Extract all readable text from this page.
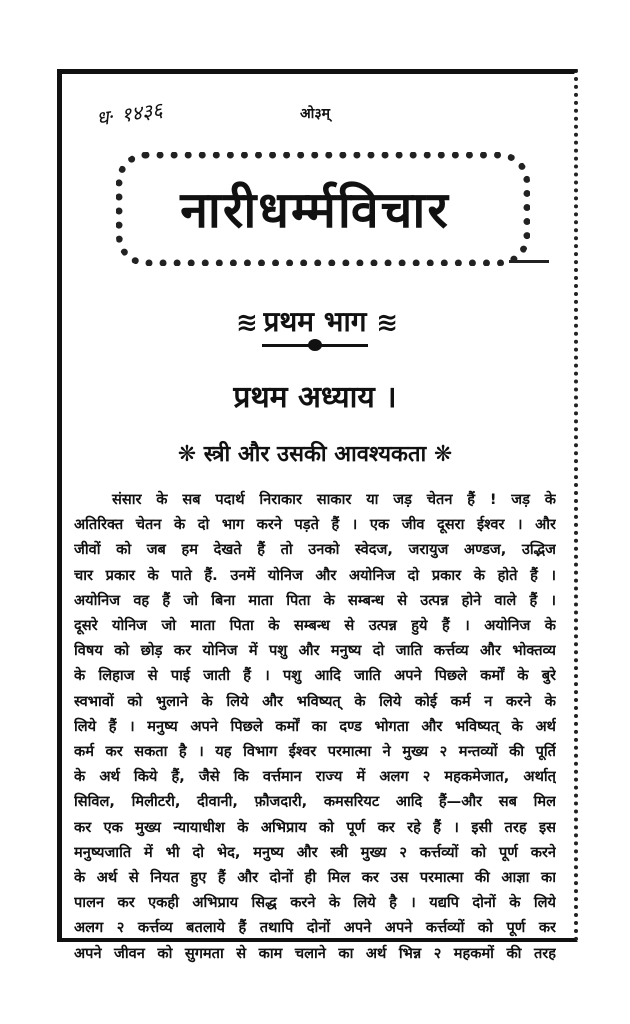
ध· १४३६	ओ३म्
नारीधर्म्मविचार
≋ प्रथम भाग ≋
प्रथम अध्याय ।
❋ स्त्री और उसकी आवश्यकता ❋
संसार के सब पदार्थ निराकार साकार या जड़ चेतन हैं ! जड़ के
अतिरिक्त चेतन के दो भाग करने पड़ते हैं । एक जीव दूसरा ईश्वर । और
जीवों को जब हम देखते हैं तो उनको स्वेदज, जरायुज अण्डज, उद्भिज
चार प्रकार के पाते हैं. उनमें योनिज और अयोनिज दो प्रकार के होते हैं ।
अयोनिज वह हैं जो बिना माता पिता के सम्बन्ध से उत्पन्न होने वाले हैं ।
दूसरे योनिज जो माता पिता के सम्बन्ध से उत्पन्न हुये हैं । अयोनिज के
विषय को छोड़ कर योनिज में पशु और मनुष्य दो जाति कर्त्तव्य और भोक्तव्य
के लिहाज से पाई जाती हैं । पशु आदि जाति अपने पिछले कर्मों के बुरे
स्वभावों को भुलाने के लिये और भविष्यत् के लिये कोई कर्म न करने के
लिये हैं । मनुष्य अपने पिछले कर्मों का दण्ड भोगता और भविष्यत् के अर्थ
कर्म कर सकता है । यह विभाग ईश्वर परमात्मा ने मुख्य २ मन्तव्यों की पूर्ति
के अर्थ किये हैं, जैसे कि वर्त्तमान राज्य में अलग २ महकमेजात, अर्थात्
सिविल, मिलीटरी, दीवानी, फ़ौजदारी, कमसरियट आदि हैं—और सब मिल
कर एक मुख्य न्यायाधीश के अभिप्राय को पूर्ण कर रहे हैं । इसी तरह इस
मनुष्यजाति में भी दो भेद, मनुष्य और स्त्री मुख्य २ कर्त्तव्यों को पूर्ण करने
के अर्थ से नियत हुए हैं और दोनों ही मिल कर उस परमात्मा की आज्ञा का
पालन कर एकही अभिप्राय सिद्ध करने के लिये है । यद्यपि दोनों के लिये
अलग २ कर्त्तव्य बतलाये हैं तथापि दोनों अपने अपने कर्त्तव्यों को पूर्ण कर
अपने जीवन को सुगमता से काम चलाने का अर्थ भिन्न २ महकमों की तरह
